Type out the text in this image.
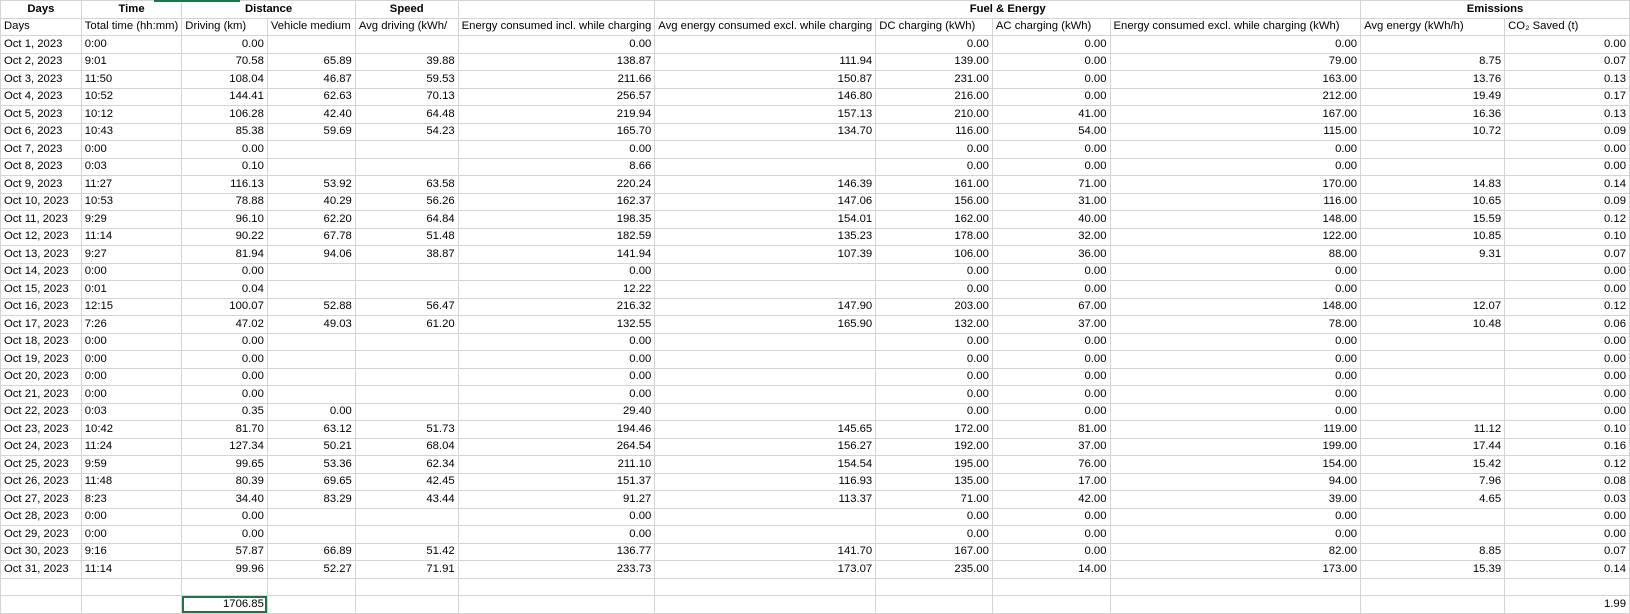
Days	Time	Distance		Speed		Fuel & Energy				Emissions	
Days	Total time (hh:mm)	Driving (km)	Vehicle medium	Avg driving (kWh/	Energy consumed incl. while charging	Avg energy consumed excl. while charging	DC charging (kWh)	AC charging (kWh)	Energy consumed excl. while charging (kWh)	Avg energy (kWh/h)	CO₂ Saved (t)
Oct 1, 2023	0:00	0.00			0.00		0.00	0.00	0.00		0.00
Oct 2, 2023	9:01	70.58	65.89	39.88	138.87	111.94	139.00	0.00	79.00	8.75	0.07
Oct 3, 2023	11:50	108.04	46.87	59.53	211.66	150.87	231.00	0.00	163.00	13.76	0.13
Oct 4, 2023	10:52	144.41	62.63	70.13	256.57	146.80	216.00	0.00	212.00	19.49	0.17
Oct 5, 2023	10:12	106.28	42.40	64.48	219.94	157.13	210.00	41.00	167.00	16.36	0.13
Oct 6, 2023	10:43	85.38	59.69	54.23	165.70	134.70	116.00	54.00	115.00	10.72	0.09
Oct 7, 2023	0:00	0.00			0.00		0.00	0.00	0.00		0.00
Oct 8, 2023	0:03	0.10			8.66		0.00	0.00	0.00		0.00
Oct 9, 2023	11:27	116.13	53.92	63.58	220.24	146.39	161.00	71.00	170.00	14.83	0.14
Oct 10, 2023	10:53	78.88	40.29	56.26	162.37	147.06	156.00	31.00	116.00	10.65	0.09
Oct 11, 2023	9:29	96.10	62.20	64.84	198.35	154.01	162.00	40.00	148.00	15.59	0.12
Oct 12, 2023	11:14	90.22	67.78	51.48	182.59	135.23	178.00	32.00	122.00	10.85	0.10
Oct 13, 2023	9:27	81.94	94.06	38.87	141.94	107.39	106.00	36.00	88.00	9.31	0.07
Oct 14, 2023	0:00	0.00			0.00		0.00	0.00	0.00		0.00
Oct 15, 2023	0:01	0.04			12.22		0.00	0.00	0.00		0.00
Oct 16, 2023	12:15	100.07	52.88	56.47	216.32	147.90	203.00	67.00	148.00	12.07	0.12
Oct 17, 2023	7:26	47.02	49.03	61.20	132.55	165.90	132.00	37.00	78.00	10.48	0.06
Oct 18, 2023	0:00	0.00			0.00		0.00	0.00	0.00		0.00
Oct 19, 2023	0:00	0.00			0.00		0.00	0.00	0.00		0.00
Oct 20, 2023	0:00	0.00			0.00		0.00	0.00	0.00		0.00
Oct 21, 2023	0:00	0.00			0.00		0.00	0.00	0.00		0.00
Oct 22, 2023	0:03	0.35	0.00		29.40		0.00	0.00	0.00		0.00
Oct 23, 2023	10:42	81.70	63.12	51.73	194.46	145.65	172.00	81.00	119.00	11.12	0.10
Oct 24, 2023	11:24	127.34	50.21	68.04	264.54	156.27	192.00	37.00	199.00	17.44	0.16
Oct 25, 2023	9:59	99.65	53.36	62.34	211.10	154.54	195.00	76.00	154.00	15.42	0.12
Oct 26, 2023	11:48	80.39	69.65	42.45	151.37	116.93	135.00	17.00	94.00	7.96	0.08
Oct 27, 2023	8:23	34.40	83.29	43.44	91.27	113.37	71.00	42.00	39.00	4.65	0.03
Oct 28, 2023	0:00	0.00			0.00		0.00	0.00	0.00		0.00
Oct 29, 2023	0:00	0.00			0.00		0.00	0.00	0.00		0.00
Oct 30, 2023	9:16	57.87	66.89	51.42	136.77	141.70	167.00	0.00	82.00	8.85	0.07
Oct 31, 2023	11:14	99.96	52.27	71.91	233.73	173.07	235.00	14.00	173.00	15.39	0.14

		1706.85									1.99
